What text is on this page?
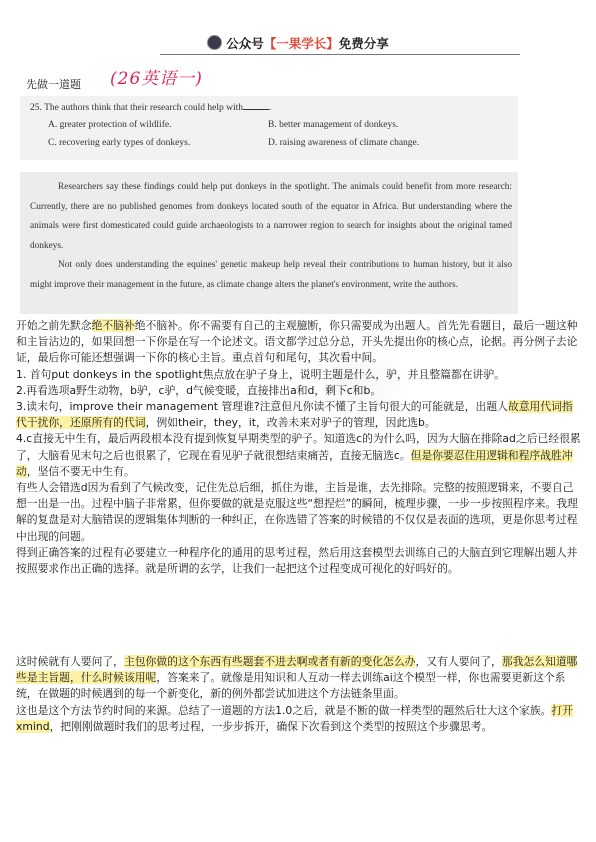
公众号【一果学长】免费分享
先做一道题 (26英语一)
25. The authors think that their research could help with	.
A. greater protection of wildlife.	B. better management of donkeys.
C. recovering early types of donkeys.	D. raising awareness of climate change.
Researchers say these findings could help put donkeys in the spotlight. The animals could benefit from more research: Currently, there are no published genomes from donkeys located south of the equator in Africa. But understanding where the animals were first domesticated could guide archaeologists to a narrower region to search for insights about the original tamed donkeys.
Not only does understanding the equines' genetic makeup help reveal their contributions to human history, but it also might improve their management in the future, as climate change alters the planet's environment, write the authors.

开始之前先默念绝不脑补绝不脑补。你不需要有自己的主观臆断，你只需要成为出题人。首先先看题目，最后一题这种和主旨沾边的，如果回想一下你是在写一个论述文。语文都学过总分总，开头先提出你的核心点，论据。再分例子去论证，最后你可能还想强调一下你的核心主旨。重点首句和尾句，其次看中间。

1. 首句put donkeys in the spotlight焦点放在驴子身上，说明主题是什么，驴，并且整篇都在讲驴。

2.再看选项a野生动物，b驴，c驴，d气候变暖，直接排出a和d，剩下c和b。

3.读末句，improve their management 管理谁?注意但凡你读不懂了主旨句很大的可能就是，出题人故意用代词指代干扰你，还原所有的代词，例如their，they，it，改善未来对驴子的管理，因此选b。

4.c直接无中生有，最后两段根本没有提到恢复早期类型的驴子。知道选c的为什么吗，因为大脑在排除ad之后已经很累了，大脑看见末句之后也很累了，它现在看见驴子就很想结束痛苦，直接无脑选c。但是你要忍住用逻辑和程序战胜冲动，坚信不要无中生有。

有些人会错选d因为看到了气候改变，记住先总后细，抓住为谁，主旨是谁，去先排除。完整的按照逻辑来，不要自己想一出是一出。过程中脑子非常累，但你要做的就是克服这些“想捏烂”的瞬间，梳理步骤，一步一步按照程序来。我理解的复盘是对大脑错误的逻辑集体判断的一种纠正，在你选错了答案的时候错的不仅仅是表面的选项，更是你思考过程中出现的问题。

得到正确答案的过程有必要建立一种程序化的通用的思考过程，然后用这套模型去训练自己的大脑直到它理解出题人并按照要求作出正确的选择。就是所谓的玄学，让我们一起把这个过程变成可视化的好吗好的。

这时候就有人要问了，主包你做的这个东西有些题套不进去啊或者有新的变化怎么办，又有人要问了，那我怎么知道哪些是主旨题，什么时候该用呢，答案来了。就像是用知识和人互动一样去训练ai这个模型一样，你也需要更新这个系统，在做题的时候遇到的每一个新变化，新的例外都尝试加进这个方法链条里面。

这也是这个方法节约时间的来源。总结了一道题的方法1.0之后，就是不断的做一样类型的题然后壮大这个家族。打开xmind，把刚刚做题时我们的思考过程，一步步拆开，确保下次看到这个类型的按照这个步骤思考。
